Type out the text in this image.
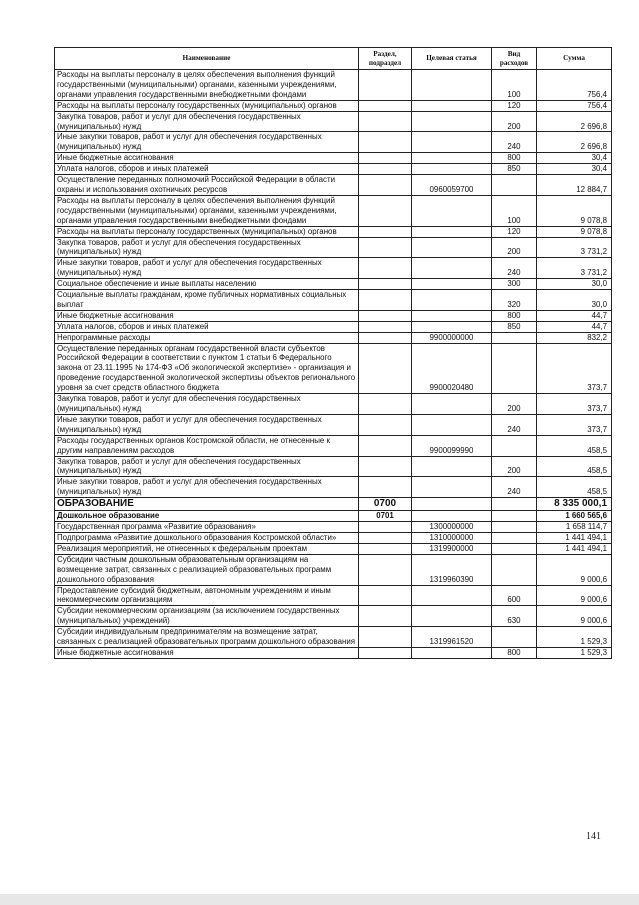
Наименование	Раздел, подраздел	Целевая статья	Вид расходов	Сумма
Расходы на выплаты персоналу в целях обеспечения выполнения функций государственными (муниципальными) органами, казенными учреждениями, органами управления государственными внебюджетными фондами			100	756,4
Расходы на выплаты персоналу государственных (муниципальных) органов			120	756,4
Закупка товаров, работ и услуг для обеспечения государственных (муниципальных) нужд			200	2 696,8
Иные закупки товаров, работ и услуг для обеспечения государственных (муниципальных) нужд			240	2 696,8
Иные бюджетные ассигнования			800	30,4
Уплата налогов, сборов и иных платежей			850	30,4
Осуществление переданных полномочий Российской Федерации в области охраны и использования охотничьих ресурсов		0960059700		12 884,7
Расходы на выплаты персоналу в целях обеспечения выполнения функций государственными (муниципальными) органами, казенными учреждениями, органами управления государственными внебюджетными фондами			100	9 078,8
Расходы на выплаты персоналу государственных (муниципальных) органов			120	9 078,8
Закупка товаров, работ и услуг для обеспечения государственных (муниципальных) нужд			200	3 731,2
Иные закупки товаров, работ и услуг для обеспечения государственных (муниципальных) нужд			240	3 731,2
Социальное обеспечение и иные выплаты населению			300	30,0
Социальные выплаты гражданам, кроме публичных нормативных социальных выплат			320	30,0
Иные бюджетные ассигнования			800	44,7
Уплата налогов, сборов и иных платежей			850	44,7
Непрограммные расходы		9900000000		832,2
Осуществление переданных органам государственной власти субъектов Российской Федерации в соответствии с пунктом 1 статьи 6 Федерального закона от 23.11.1995 № 174-ФЗ «Об экологической экспертизе» - организация и проведение государственной экологической экспертизы объектов регионального уровня за счет средств областного бюджета		9900020480		373,7
Закупка товаров, работ и услуг для обеспечения государственных (муниципальных) нужд			200	373,7
Иные закупки товаров, работ и услуг для обеспечения государственных (муниципальных) нужд			240	373,7
Расходы государственных органов Костромской области, не отнесенные к другим направлениям расходов		9900099990		458,5
Закупка товаров, работ и услуг для обеспечения государственных (муниципальных) нужд			200	458,5
Иные закупки товаров, работ и услуг для обеспечения государственных (муниципальных) нужд			240	458,5
ОБРАЗОВАНИЕ	0700			8 335 000,1
Дошкольное образование	0701			1 660 565,6
Государственная программа «Развитие образования»		1300000000		1 658 114,7
Подпрограмма «Развитие дошкольного образования Костромской области»		1310000000		1 441 494,1
Реализация мероприятий, не отнесенных к федеральным проектам		1319900000		1 441 494,1
Субсидии частным дошкольным образовательным организациям на возмещение затрат, связанных с реализацией образовательных программ дошкольного образования		1319960390		9 000,6
Предоставление субсидий бюджетным, автономным учреждениям и иным некоммерческим организациям			600	9 000,6
Субсидии некоммерческим организациям (за исключением государственных (муниципальных) учреждений)			630	9 000,6
Субсидии индивидуальным предпринимателям на возмещение затрат, связанных с реализацией образовательных программ дошкольного образования		1319961520		1 529,3
Иные бюджетные ассигнования			800	1 529,3
141
